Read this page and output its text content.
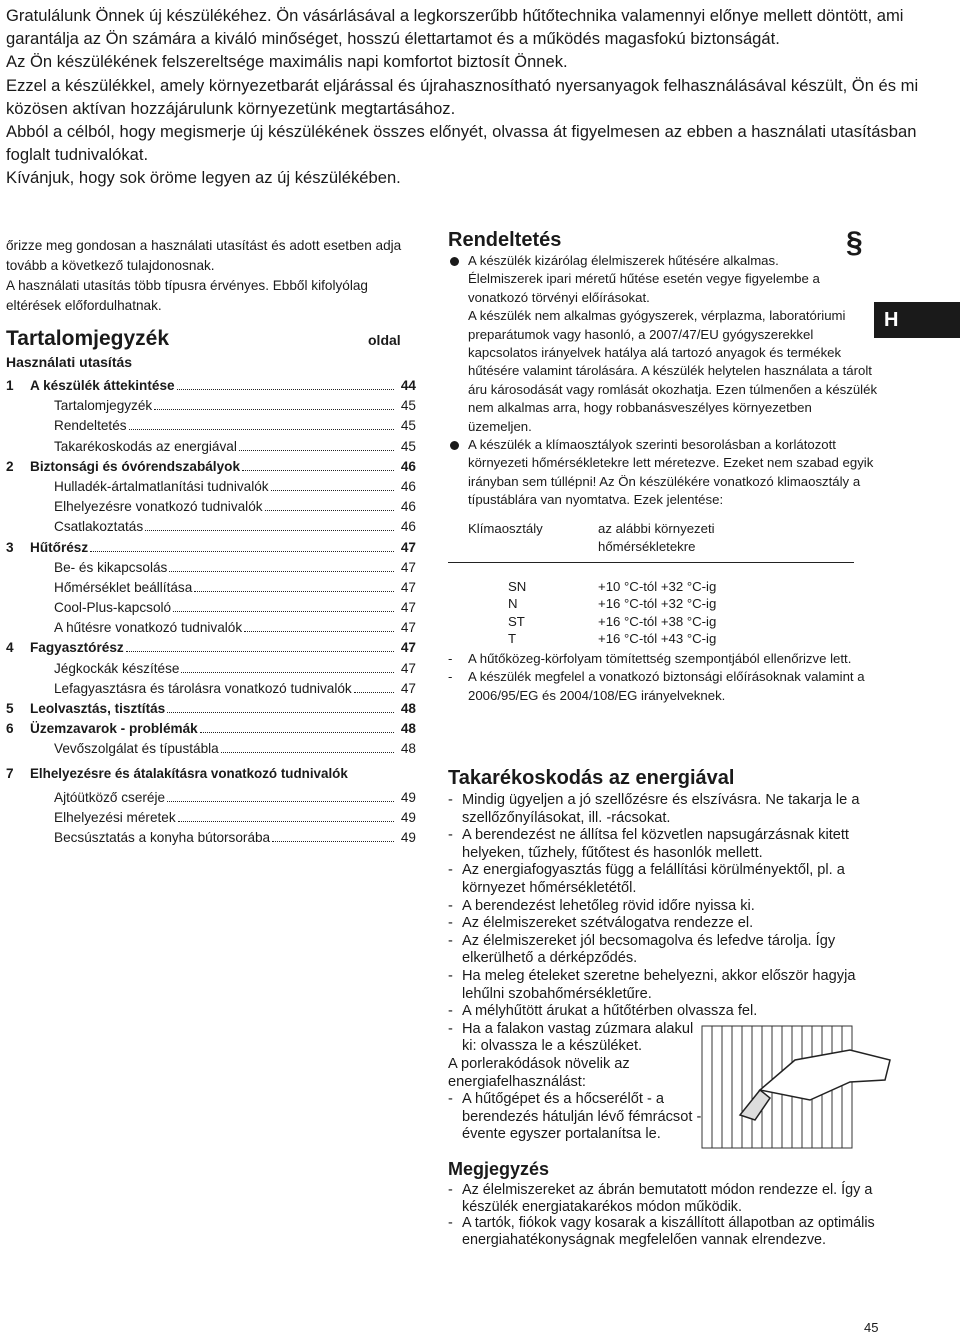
Gratulálunk Önnek új készülékéhez. Ön vásárlásával a legkorszerűbb hűtőtechnika valamennyi előnye mellett döntött, ami garantálja az Ön számára a kiváló minőséget, hosszú élettartamot és a működés magasfokú biztonságát.

Az Ön készülékének felszereltsége maximális napi komfortot biztosít Önnek.

Ezzel a készülékkel, amely környezetbarát eljárással és újrahasznosítható nyersanyagok felhasználásával készült, Ön és mi közösen aktívan hozzájárulunk környezetünk megtartásához.

Abból a célból, hogy megismerje új készülékének összes előnyét, olvassa át figyelmesen az ebben a használati utasításban foglalt tudnivalókat.

Kívánjuk, hogy sok öröme legyen az új készülékében.

őrizze meg gondosan a használati utasítást és adott esetben adja tovább a következő tulajdonosnak.

A használati utasítás több típusra érvényes. Ebből kifolyólag eltérések előfordulhatnak.

Tartalomjegyzék	oldal
Használati utasítás
1	A készülék áttekintése	44
Tartalomjegyzék	45
Rendeltetés	45
Takarékoskodás az energiával	45
2	Biztonsági és óvórendszabályok	46
Hulladék-ártalmatlanítási tudnivalók	46
Elhelyezésre vonatkozó tudnivalók	46
Csatlakoztatás	46
3	Hűtőrész	47
Be- és kikapcsolás	47
Hőmérséklet beállítása	47
Cool-Plus-kapcsoló	47
A hűtésre vonatkozó tudnivalók	47
4	Fagyasztórész	47
Jégkockák készítése	47
Lefagyasztásra és tárolásra vonatkozó tudnivalók	47
5	Leolvasztás, tisztítás	48
6	Üzemzavarok - problémák	48
Vevőszolgálat és típustábla	48
7	Elhelyezésre és átalakításra vonatkozó tudnivalók
Ajtóütköző cseréje	49
Elhelyezési méretek	49
Becsúsztatás a konyha bútorsorába	49
§
H
Rendeltetés

A készülék kizárólag élelmiszerek hűtésére alkalmas.

Élelmiszerek ipari méretű hűtése esetén vegye figyelembe a vonatkozó törvényi előírásokat.

A készülék nem alkalmas gyógyszerek, vérplazma, laboratóriumi preparátumok vagy hasonló, a 2007/47/EU gyógyszerekkel kapcsolatos irányelvek hatálya alá tartozó anyagok és termékek hűtésére valamint tárolására. A készülék helytelen használata a tárolt áru károsodását vagy romlását okozhatja. Ezen túlmenően a készülék nem alkalmas arra, hogy robbanásveszélyes környezetben üzemeljen.

A készülék a klímaosztályok szerinti besorolásban a korlátozott környezeti hőmérsékletekre lett méretezve. Ezeket nem szabad egyik irányban sem túllépni! Az Ön készülékére vonatkozó klimaosztály a típustáblára van nyomtatva. Ezek jelentése:

Klímaosztály	az alábbi környezeti hőmérsékletekre
SN	+10 °C-tól +32 °C-ig
N	+16 °C-tól +32 °C-ig
ST	+16 °C-tól +38 °C-ig
T	+16 °C-tól +43 °C-ig
- A hűtőközeg-körfolyam tömítettség szempontjából ellenőrizve lett.

- A készülék megfelel a vonatkozó biztonsági előírásoknak valamint a 2006/95/EG és 2004/108/EG irányelveknek.

Takarékoskodás az energiával
- Mindig ügyeljen a jó szellőzésre és elszívásra. Ne takarja le a szellőzőnyílásokat, ill. -rácsokat.

- A berendezést ne állítsa fel közvetlen napsugárzásnak kitett helyeken, tűzhely, fűtőtest és hasonlók mellett.

- Az energiafogyasztás függ a felállítási körülményektől, pl. a környezet hőmérsékletétől.

- A berendezést lehetőleg rövid időre nyissa ki.

- Az élelmiszereket szétválogatva rendezze el.

- Az élelmiszereket jól becsomagolva és lefedve tárolja. Így elkerülhető a dérképződés.

- Ha meleg ételeket szeretne behelyezni, akkor először hagyja lehűlni szobahőmérsékletűre.

- A mélyhűtött árukat a hűtőtérben olvassza fel.

- Ha a falakon vastag zúzmara alakul ki: olvassza le a készüléket.

A porlerakódások növelik az energiafelhasználást:

- A hűtőgépet és a hőcserélőt - a berendezés hátulján lévő fémrácsot - évente egyszer portalanítsa le.

Megjegyzés
- Az élelmiszereket az ábrán bemutatott módon rendezze el. Így a készülék energiatakarékos módon működik.

- A tartók, fiókok vagy kosarak a kiszállított állapotban az optimális energiahatékonyságnak megfelelően vannak elrendezve.

45
